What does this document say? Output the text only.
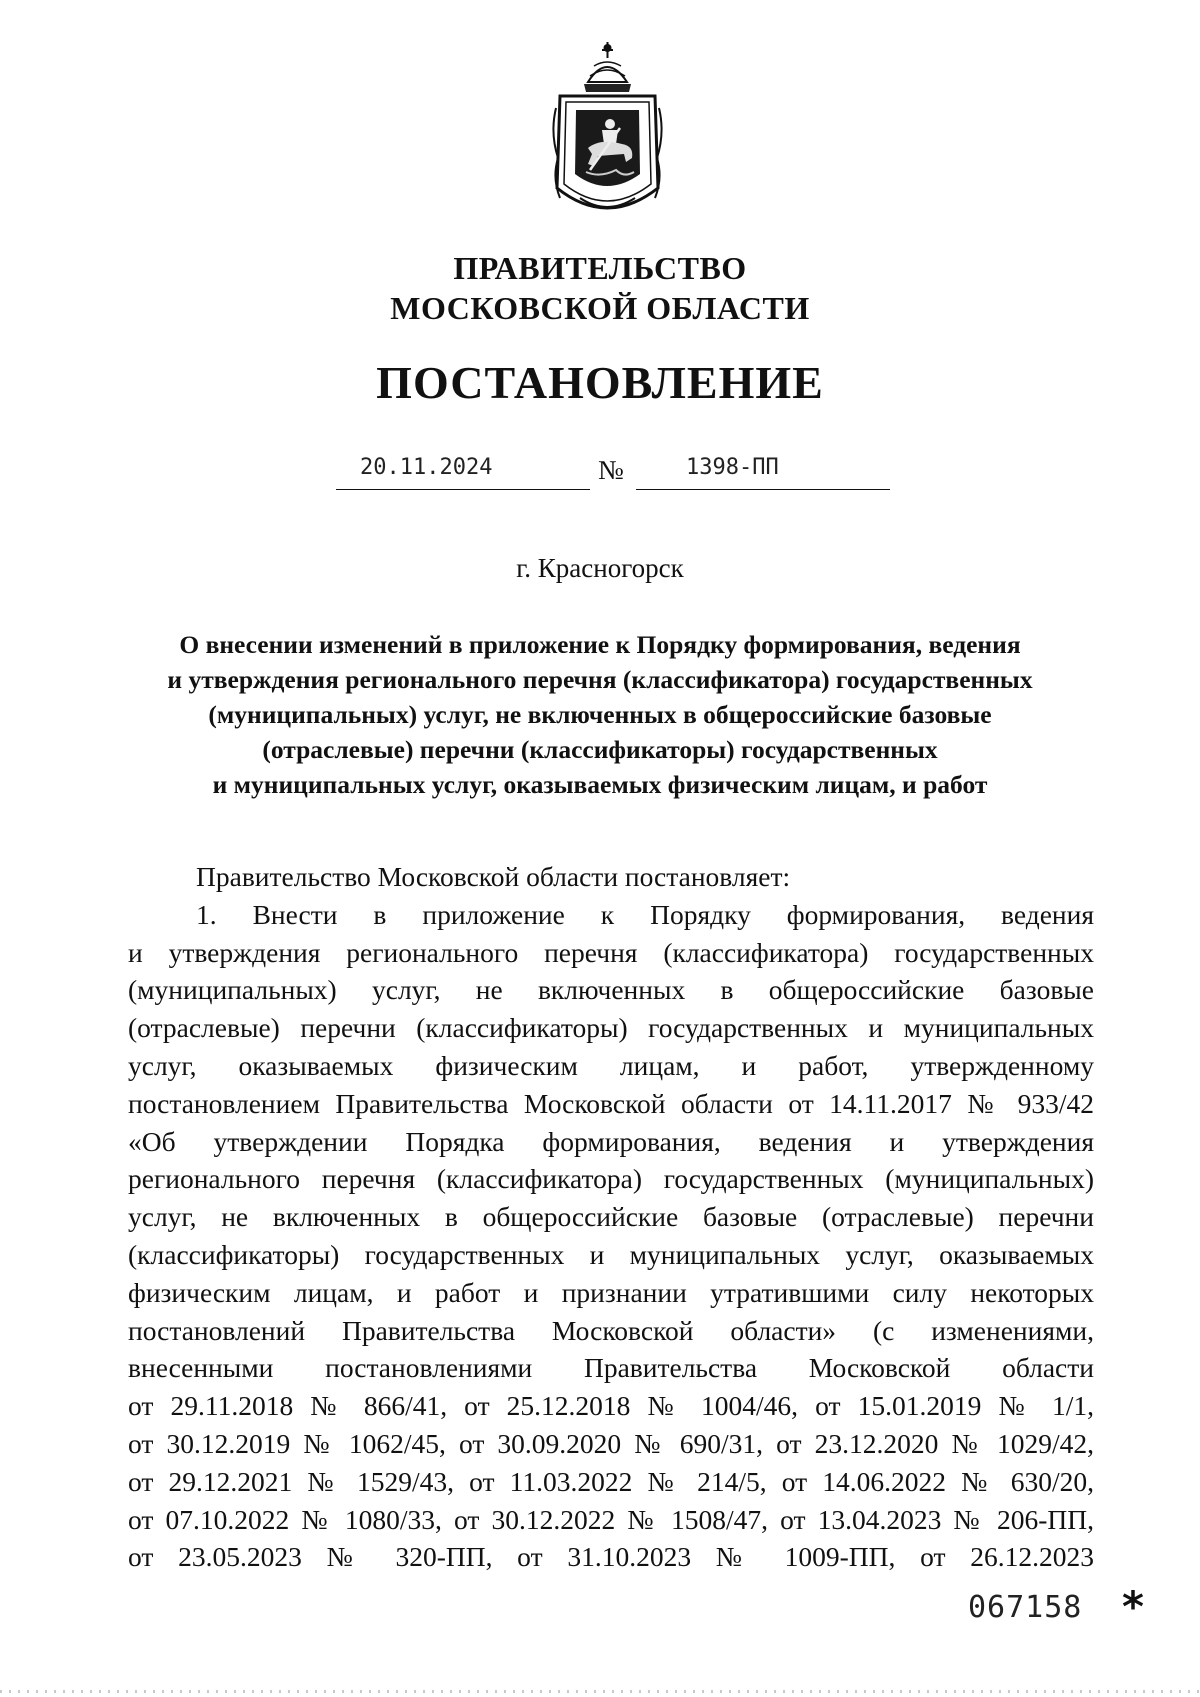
ПРАВИТЕЛЬСТВО
МОСКОВСКОЙ ОБЛАСТИ
ПОСТАНОВЛЕНИЕ
20.11.2024	№	1398-ПП
г. Красногорск
О внесении изменений в приложение к Порядку формирования, ведения
и утверждения регионального перечня (классификатора) государственных
(муниципальных) услуг, не включенных в общероссийские базовые
(отраслевые) перечни (классификаторы) государственных
и муниципальных услуг, оказываемых физическим лицам, и работ
Правительство Московской области постановляет:
1. Внести в приложение к Порядку формирования, ведения
и утверждения регионального перечня (классификатора) государственных
(муниципальных) услуг, не включенных в общероссийские базовые
(отраслевые) перечни (классификаторы) государственных и муниципальных
услуг, оказываемых физическим лицам, и работ, утвержденному
постановлением Правительства Московской области от 14.11.2017 № 933/42
«Об утверждении Порядка формирования, ведения и утверждения
регионального перечня (классификатора) государственных (муниципальных)
услуг, не включенных в общероссийские базовые (отраслевые) перечни
(классификаторы) государственных и муниципальных услуг, оказываемых
физическим лицам, и работ и признании утратившими силу некоторых
постановлений Правительства Московской области» (с изменениями,
внесенными постановлениями Правительства Московской области
от 29.11.2018 № 866/41, от 25.12.2018 № 1004/46, от 15.01.2019 № 1/1,
от 30.12.2019 № 1062/45, от 30.09.2020 № 690/31, от 23.12.2020 № 1029/42,
от 29.12.2021 № 1529/43, от 11.03.2022 № 214/5, от 14.06.2022 № 630/20,
от 07.10.2022 № 1080/33, от 30.12.2022 № 1508/47, от 13.04.2023 № 206-ПП,
от 23.05.2023 № 320-ПП, от 31.10.2023 № 1009-ПП, от 26.12.2023
067158 *
